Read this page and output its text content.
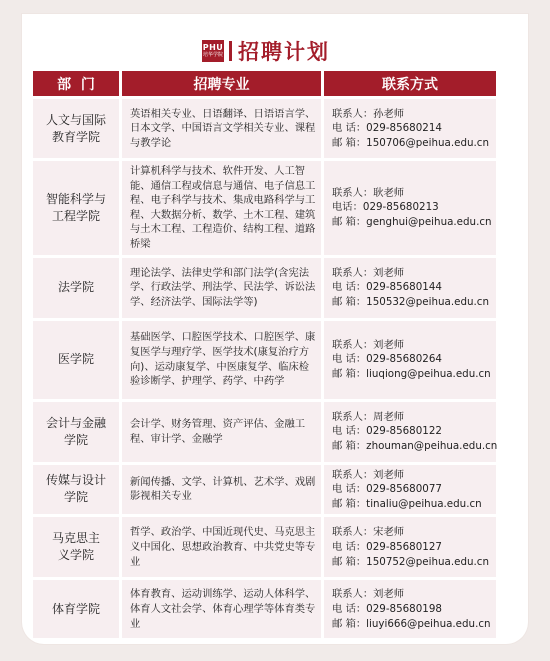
PHU
培华学院 招聘计划
部  门	招聘专业	联系方式

人文与国际
教育学院	英语相关专业、日语翻译、日语语言学、日本文学、中国语言文学相关专业、课程与教学论	联系人：孙老师
电 话：029-85680214
邮 箱：150706@peihua.edu.cn

智能科学与
工程学院	计算机科学与技术、软件开发、人工智能、通信工程或信息与通信、电子信息工程、电子科学与技术、集成电路科学与工程、大数据分析、数学、土木工程、建筑与土木工程、工程造价、结构工程、道路桥梁	联系人：耿老师
电话：029-85680213
邮 箱：genghui@peihua.edu.cn

法学院	理论法学、法律史学和部门法学(含宪法学、行政法学、刑法学、民法学、诉讼法学、经济法学、国际法学等)	联系人：刘老师
电 话：029-85680144
邮 箱：150532@peihua.edu.cn

医学院	基础医学、口腔医学技术、口腔医学、康复医学与理疗学、医学技术(康复治疗方向)、运动康复学、中医康复学、临床检验诊断学、护理学、药学、中药学	联系人：刘老师
电 话：029-85680264
邮 箱：liuqiong@peihua.edu.cn

会计与金融
学院	会计学、财务管理、资产评估、金融工程、审计学、金融学	联系人：周老师
电 话：029-85680122
邮 箱：zhouman@peihua.edu.cn

传媒与设计
学院	新闻传播、文学、计算机、艺术学、戏剧影视相关专业	联系人：刘老师
电 话：029-85680077
邮 箱：tinaliu@peihua.edu.cn

马克思主
义学院	哲学、政治学、中国近现代史、马克思主义中国化、思想政治教育、中共党史等专业	联系人：宋老师
电 话：029-85680127
邮 箱：150752@peihua.edu.cn

体育学院	体育教育、运动训练学、运动人体科学、体育人文社会学、体育心理学等体育类专业	联系人：刘老师
电 话：029-85680198
邮 箱：liuyi666@peihua.edu.cn
